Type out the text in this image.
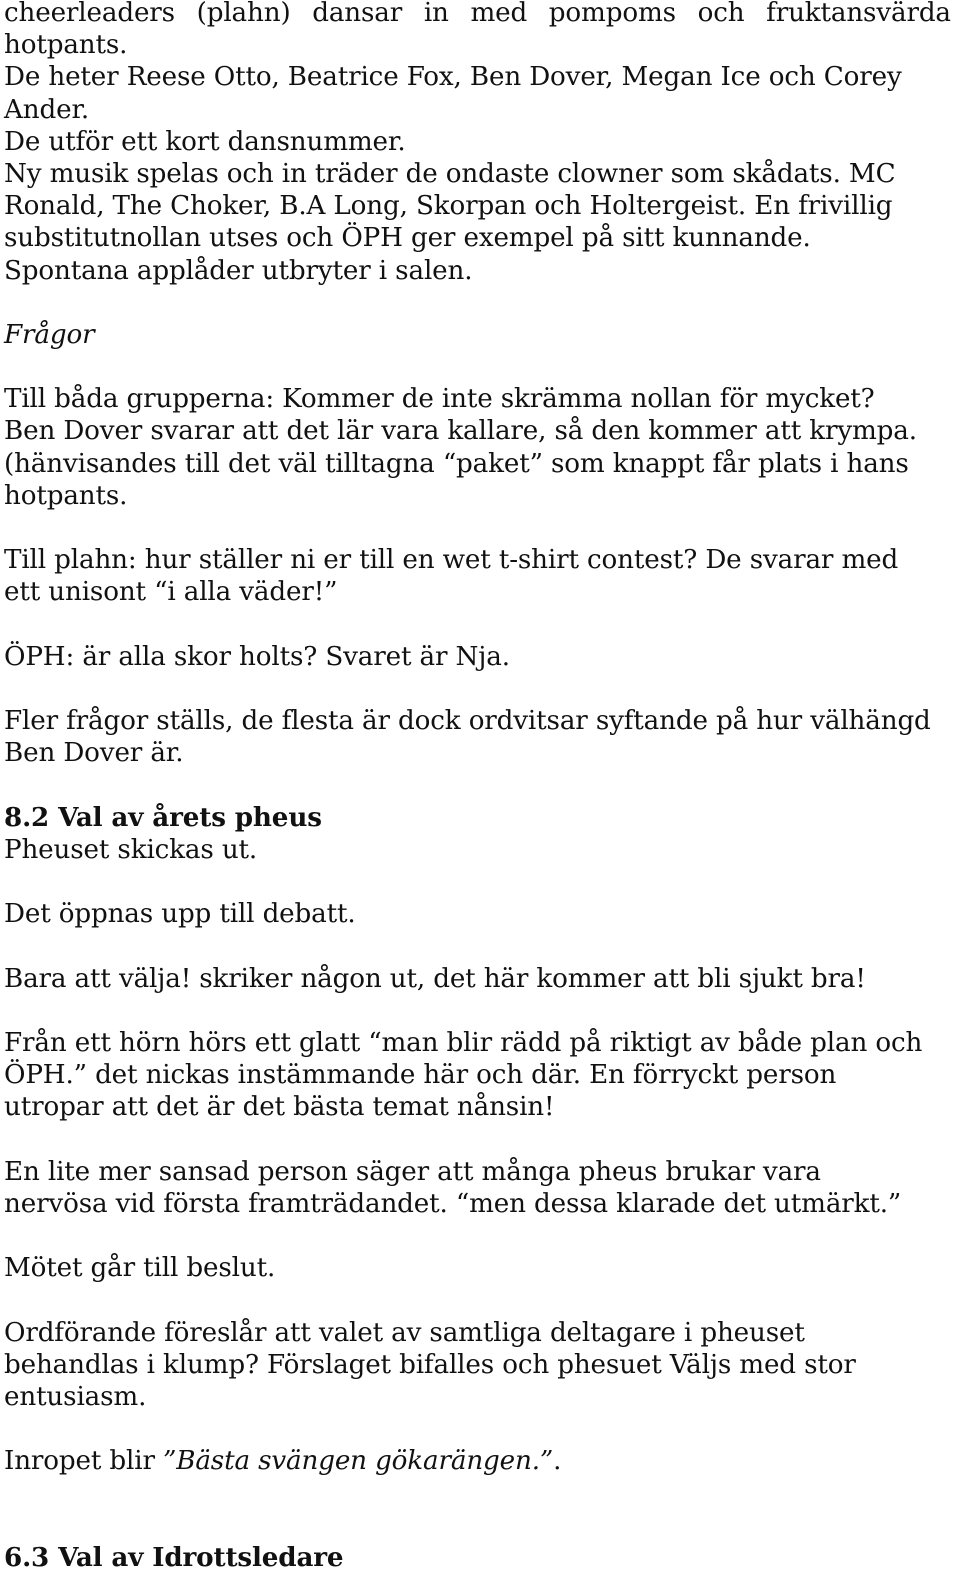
cheerleaders (plahn) dansar in med pompoms och fruktansvärda
hotpants.
De heter Reese Otto, Beatrice Fox, Ben Dover, Megan Ice och Corey
Ander.
De utför ett kort dansnummer.
Ny musik spelas och in träder de ondaste clowner som skådats. MC
Ronald, The Choker, B.A Long, Skorpan och Holtergeist. En frivillig
substitutnollan utses och ÖPH ger exempel på sitt kunnande.
Spontana applåder utbryter i salen.
Frågor
Till båda grupperna: Kommer de inte skrämma nollan för mycket?
Ben Dover svarar att det lär vara kallare, så den kommer att krympa.
(hänvisandes till det väl tilltagna “paket” som knappt får plats i hans
hotpants.
Till plahn: hur ställer ni er till en wet t-shirt contest? De svarar med
ett unisont “i alla väder!”
ÖPH: är alla skor holts? Svaret är Nja.
Fler frågor ställs, de flesta är dock ordvitsar syftande på hur välhängd
Ben Dover är.
8.2 Val av årets pheus
Pheuset skickas ut.
Det öppnas upp till debatt.
Bara att välja! skriker någon ut, det här kommer att bli sjukt bra!
Från ett hörn hörs ett glatt “man blir rädd på riktigt av både plan och
ÖPH.” det nickas instämmande här och där. En förryckt person
utropar att det är det bästa temat nånsin!
En lite mer sansad person säger att många pheus brukar vara
nervösa vid första framträdandet. “men dessa klarade det utmärkt.”
Mötet går till beslut.
Ordförande föreslår att valet av samtliga deltagare i pheuset
behandlas i klump? Förslaget bifalles och phesuet Väljs med stor
entusiasm.
Inropet blir ”Bästa svängen gökarängen.”.
6.3 Val av Idrottsledare
